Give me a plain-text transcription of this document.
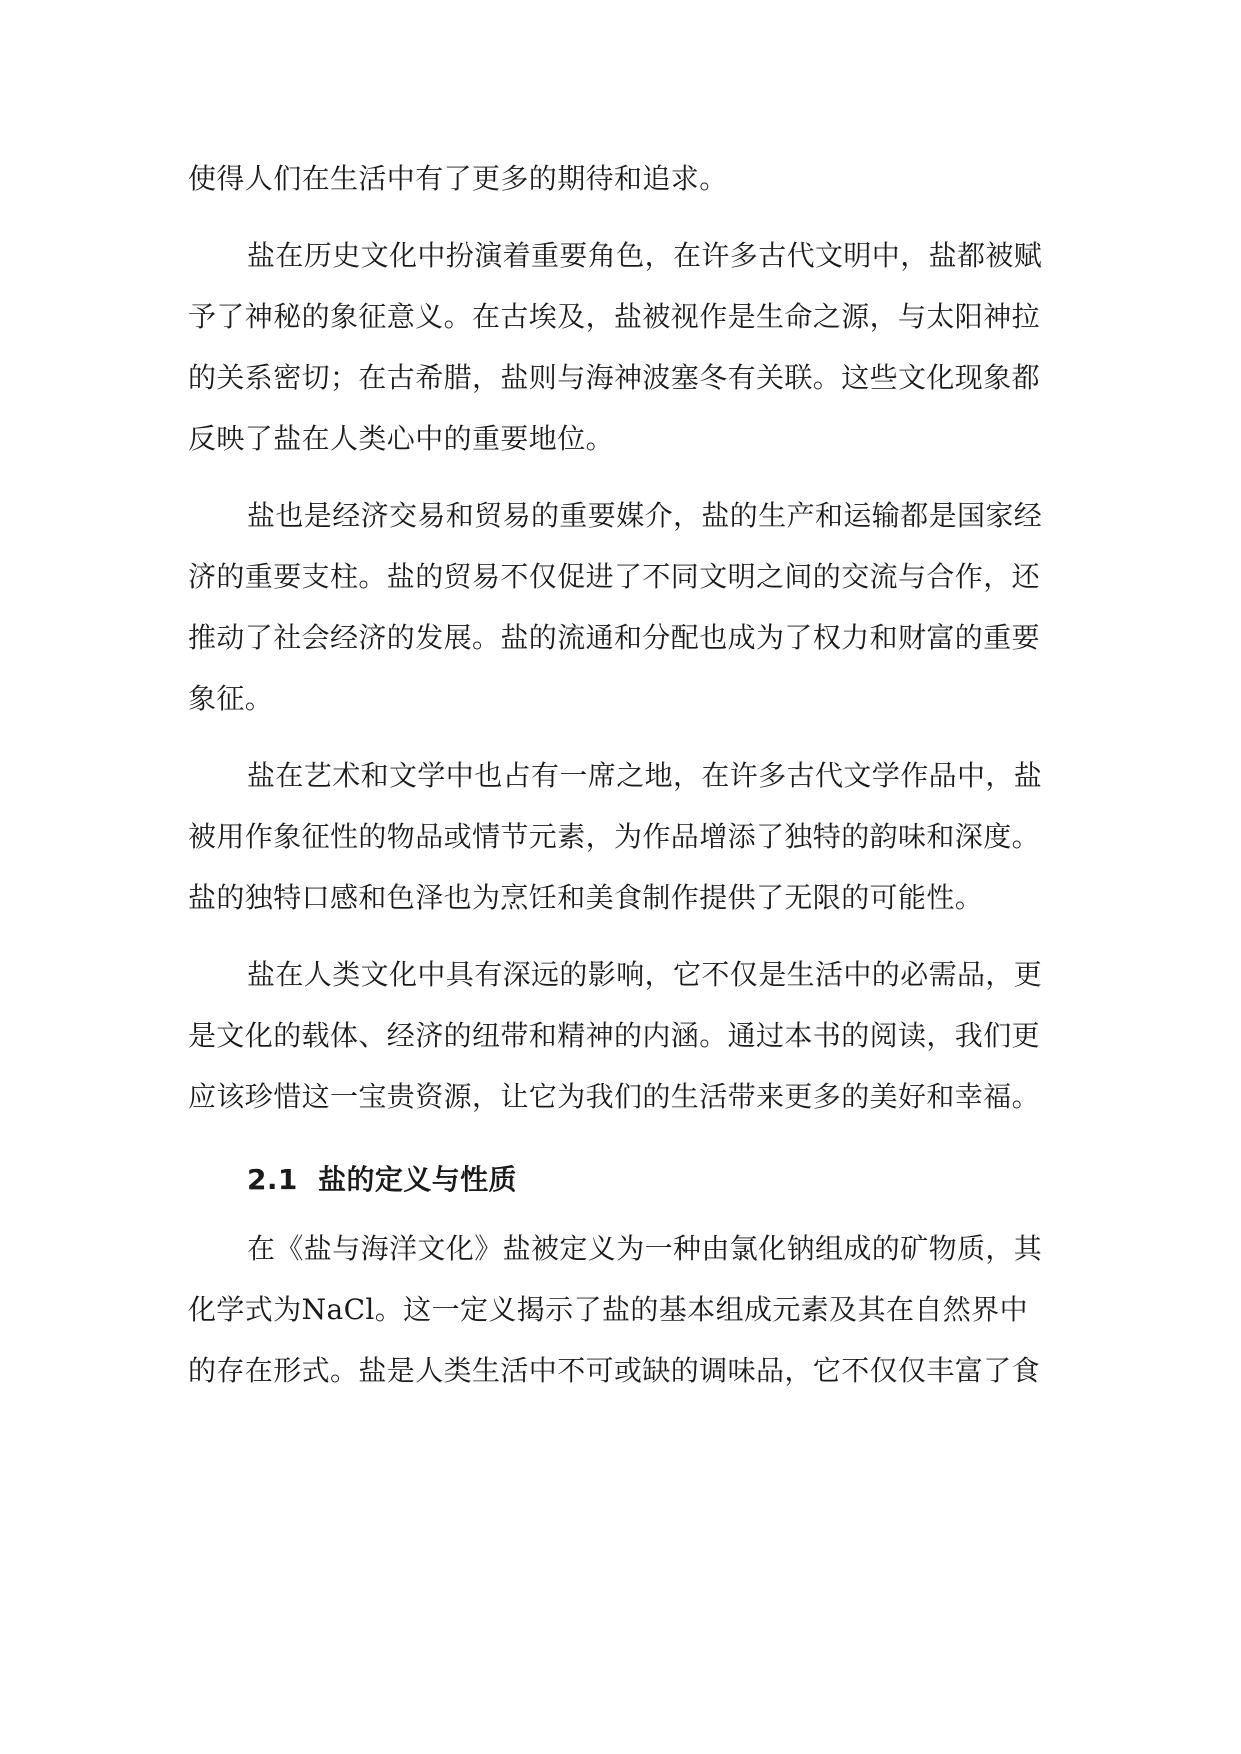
使得人们在生活中有了更多的期待和追求。
盐在历史文化中扮演着重要角色，在许多古代文明中，盐都被赋
予了神秘的象征意义。在古埃及，盐被视作是生命之源，与太阳神拉
的关系密切；在古希腊，盐则与海神波塞冬有关联。这些文化现象都
反映了盐在人类心中的重要地位。
盐也是经济交易和贸易的重要媒介，盐的生产和运输都是国家经
济的重要支柱。盐的贸易不仅促进了不同文明之间的交流与合作，还
推动了社会经济的发展。盐的流通和分配也成为了权力和财富的重要
象征。
盐在艺术和文学中也占有一席之地，在许多古代文学作品中，盐
被用作象征性的物品或情节元素，为作品增添了独特的韵味和深度。
盐的独特口感和色泽也为烹饪和美食制作提供了无限的可能性。
盐在人类文化中具有深远的影响，它不仅是生活中的必需品，更
是文化的载体、经济的纽带和精神的内涵。通过本书的阅读，我们更
应该珍惜这一宝贵资源，让它为我们的生活带来更多的美好和幸福。
2.1 盐的定义与性质
在《盐与海洋文化》盐被定义为一种由氯化钠组成的矿物质，其
化学式为NaCl。这一定义揭示了盐的基本组成元素及其在自然界中
的存在形式。盐是人类生活中不可或缺的调味品，它不仅仅丰富了食
